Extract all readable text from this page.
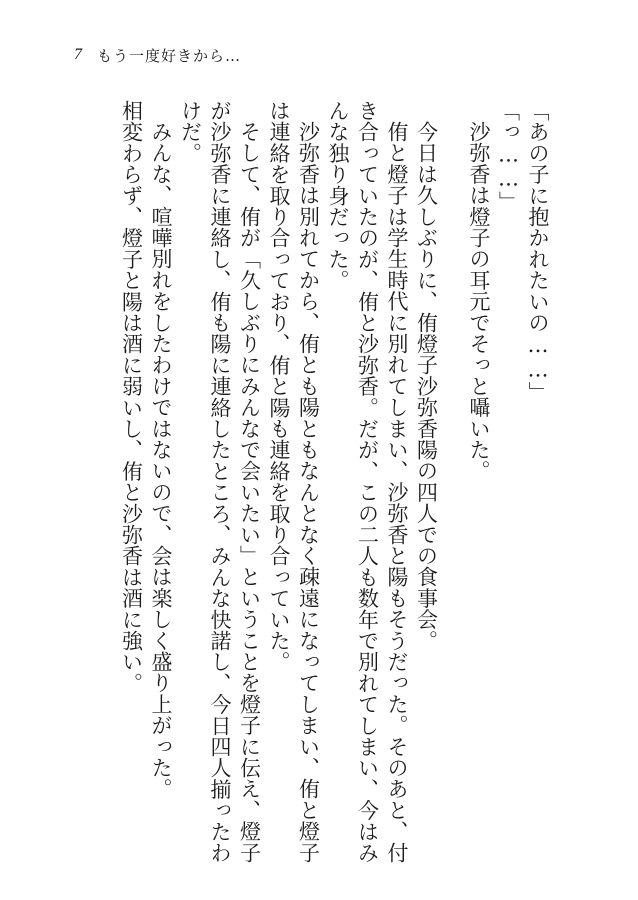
7 もう一度好きから…

「あの子に抱かれたいの……」

「っ……」

沙弥香は燈子の耳元でそっと囁いた。

今日は久しぶりに、侑燈子沙弥香陽の四人での食事会。

侑と燈子は学生時代に別れてしまい、沙弥香と陽もそうだった。そのあと、付き合っていたのが、侑と沙弥香。だが、この二人も数年で別れてしまい、今はみんな独り身だった。

沙弥香は別れてから、侑とも陽ともなんとなく疎遠になってしまい、侑と燈子は連絡を取り合っており、侑と陽も連絡を取り合っていた。

そして、侑が「久しぶりにみんなで会いたい」ということを燈子に伝え、燈子が沙弥香に連絡し、侑も陽に連絡したところ、みんな快諾し、今日四人揃ったわけだ。

みんな、喧嘩別れをしたわけではないので、会は楽しく盛り上がった。

相変わらず、燈子と陽は酒に弱いし、侑と沙弥香は酒に強い。
